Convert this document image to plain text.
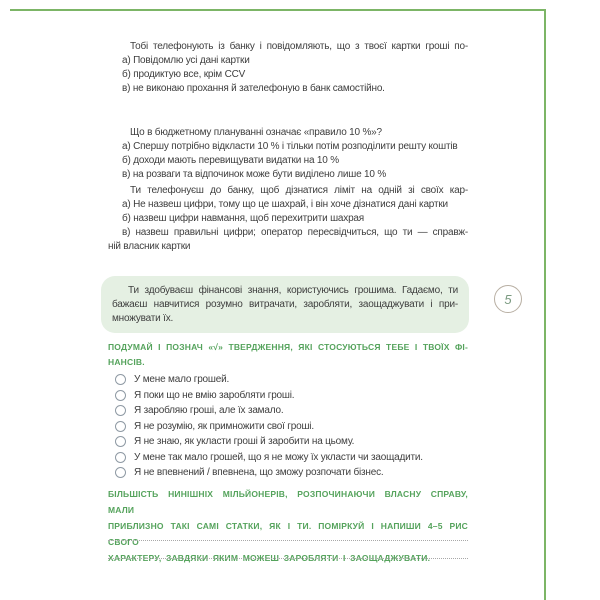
Тобі телефонують із банку і повідомляють, що з твоєї картки гроші по-
а) Повідомлю усі дані картки
б) продиктую все, крім CCV
в) не виконаю прохання й зателефоную в банк самостійно.
Що в бюджетному плануванні означає «правило 10 %»?
а) Спершу потрібно відкласти 10 % і тільки потім розподілити решту коштів
б) доходи мають перевищувати видатки на 10 %
в) на розваги та відпочинок може бути виділено лише 10 %
Ти телефонуєш до банку, щоб дізнатися ліміт на одній зі своїх кар-
а) Не назвеш цифри, тому що це шахрай, і він хоче дізнатися дані картки
б) назвеш цифри навмання, щоб перехитрити шахрая
в) назвеш правильні цифри; оператор пересвідчиться, що ти — справж-
ній власник картки
Ти здобуваєш фінансові знання, користуючись грошима. Гадаємо, ти
бажаєш навчитися розумно витрачати, заробляти, заощаджувати і при-
множувати їх.
5
ПОДУМАЙ І ПОЗНАЧ «√» ТВЕРДЖЕННЯ, ЯКІ СТОСУЮТЬСЯ ТЕБЕ І ТВОЇХ ФІ-
НАНСІВ.
У мене мало грошей.
Я поки що не вмію заробляти гроші.
Я заробляю гроші, але їх замало.
Я не розумію, як примножити свої гроші.
Я не знаю, як укласти гроші й заробити на цьому.
У мене так мало грошей, що я не можу їх укласти чи заощадити.
Я не впевнений / впевнена, що зможу розпочати бізнес.
БІЛЬШІСТЬ НИНІШНІХ МІЛЬЙОНЕРІВ, РОЗПОЧИНАЮЧИ ВЛАСНУ СПРАВУ, МАЛИ
ПРИБЛИЗНО ТАКІ САМІ СТАТКИ, ЯК І ТИ. ПОМІРКУЙ І НАПИШИ 4–5 РИС СВОГО
ХАРАКТЕРУ, ЗАВДЯКИ ЯКИМ МОЖЕШ ЗАРОБЛЯТИ І ЗАОЩАДЖУВАТИ.
